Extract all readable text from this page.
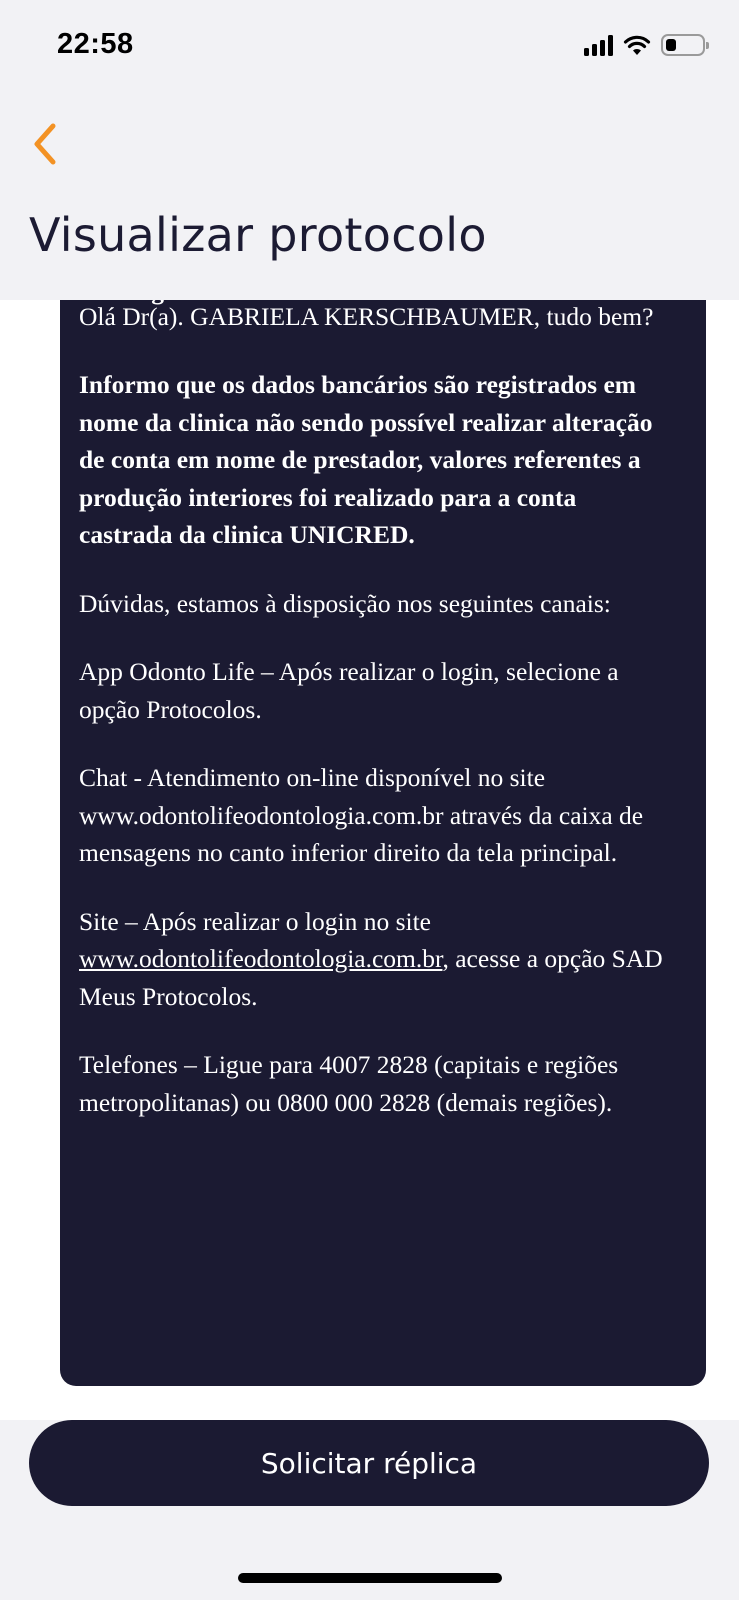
22:58
Visualizar protocolo

Olá Dr(a). GABRIELA KERSCHBAUMER, tudo bem?

Informo que os dados bancários são registrados em nome da clinica não sendo possível realizar alteração de conta em nome de prestador, valores referentes a produção interiores foi realizado para a conta castrada da clinica UNICRED.

Dúvidas, estamos à disposição nos seguintes canais:

App Odonto Life – Após realizar o login, selecione a opção Protocolos.

Chat - Atendimento on-line disponível no site www.odontolifeodontologia.com.br através da caixa de mensagens no canto inferior direito da tela principal.

Site – Após realizar o login no site www.odontolifeodontologia.com.br, acesse a opção SAD Meus Protocolos.

Telefones – Ligue para 4007 2828 (capitais e regiões metropolitanas) ou 0800 000 2828 (demais regiões).

Solicitar réplica
